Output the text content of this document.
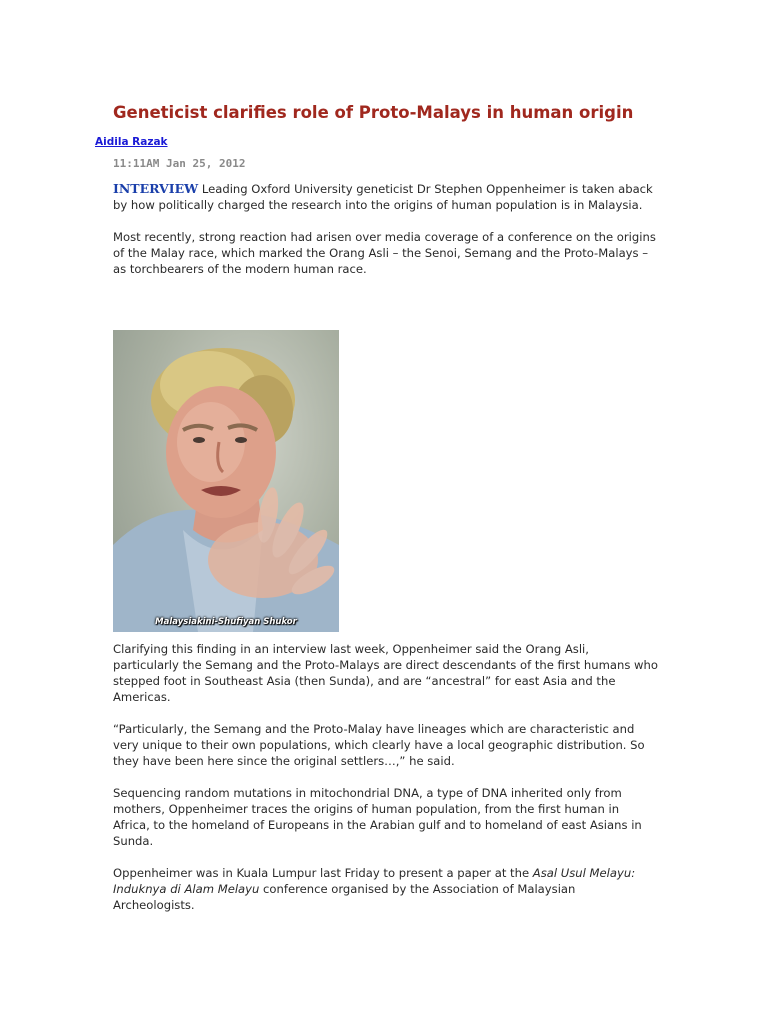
Geneticist clarifies role of Proto-Malays in human origin
Aidila Razak
11:11AM Jan 25, 2012

INTERVIEW Leading Oxford University geneticist Dr Stephen Oppenheimer is taken aback by how politically charged the research into the origins of human population is in Malaysia.

Most recently, strong reaction had arisen over media coverage of a conference on the origins of the Malay race, which marked the Orang Asli – the Senoi, Semang and the Proto-Malays – as torchbearers of the modern human race.

Malaysiakini-Shufiyan Shukor

Clarifying this finding in an interview last week, Oppenheimer said the Orang Asli, particularly the Semang and the Proto-Malays are direct descendants of the first humans who stepped foot in Southeast Asia (then Sunda), and are “ancestral” for east Asia and the Americas.

“Particularly, the Semang and the Proto-Malay have lineages which are characteristic and very unique to their own populations, which clearly have a local geographic distribution. So they have been here since the original settlers…,” he said.

Sequencing random mutations in mitochondrial DNA, a type of DNA inherited only from mothers, Oppenheimer traces the origins of human population, from the first human in Africa, to the homeland of Europeans in the Arabian gulf and to homeland of east Asians in Sunda.

Oppenheimer was in Kuala Lumpur last Friday to present a paper at the Asal Usul Melayu: Induknya di Alam Melayu conference organised by the Association of Malaysian Archeologists.
